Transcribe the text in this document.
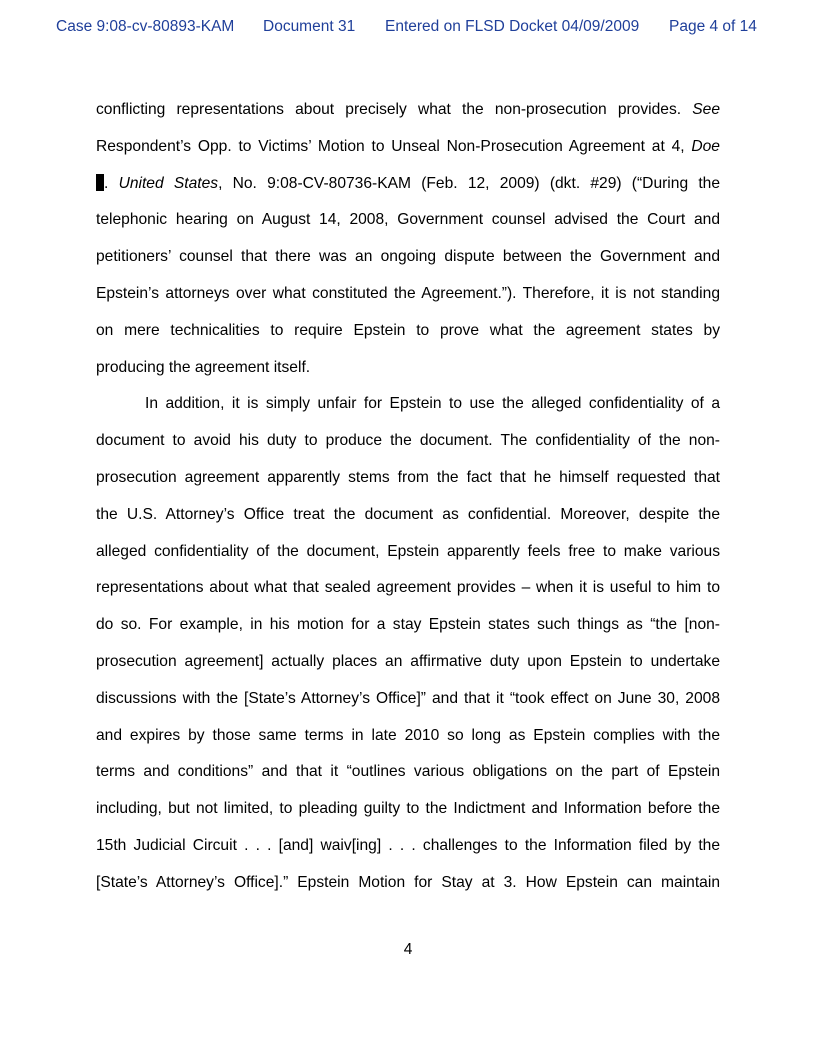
Case 9:08-cv-80893-KAM Document 31 Entered on FLSD Docket 04/09/2009 Page 4 of 14
conflicting representations about precisely what the non-prosecution provides. See
Respondent’s Opp. to Victims’ Motion to Unseal Non-Prosecution Agreement at 4, Doe
. United States, No. 9:08-CV-80736-KAM (Feb. 12, 2009) (dkt. #29) (“During the
telephonic hearing on August 14, 2008, Government counsel advised the Court and
petitioners’ counsel that there was an ongoing dispute between the Government and
Epstein’s attorneys over what constituted the Agreement.”). Therefore, it is not standing
on mere technicalities to require Epstein to prove what the agreement states by
producing the agreement itself.
In addition, it is simply unfair for Epstein to use the alleged confidentiality of a
document to avoid his duty to produce the document. The confidentiality of the non-
prosecution agreement apparently stems from the fact that he himself requested that
the U.S. Attorney’s Office treat the document as confidential. Moreover, despite the
alleged confidentiality of the document, Epstein apparently feels free to make various
representations about what that sealed agreement provides – when it is useful to him to
do so. For example, in his motion for a stay Epstein states such things as “the [non-
prosecution agreement] actually places an affirmative duty upon Epstein to undertake
discussions with the [State’s Attorney’s Office]” and that it “took effect on June 30, 2008
and expires by those same terms in late 2010 so long as Epstein complies with the
terms and conditions” and that it “outlines various obligations on the part of Epstein
including, but not limited, to pleading guilty to the Indictment and Information before the
15th Judicial Circuit . . . [and] waiv[ing] . . . challenges to the Information filed by the
[State’s Attorney’s Office].” Epstein Motion for Stay at 3. How Epstein can maintain
4
